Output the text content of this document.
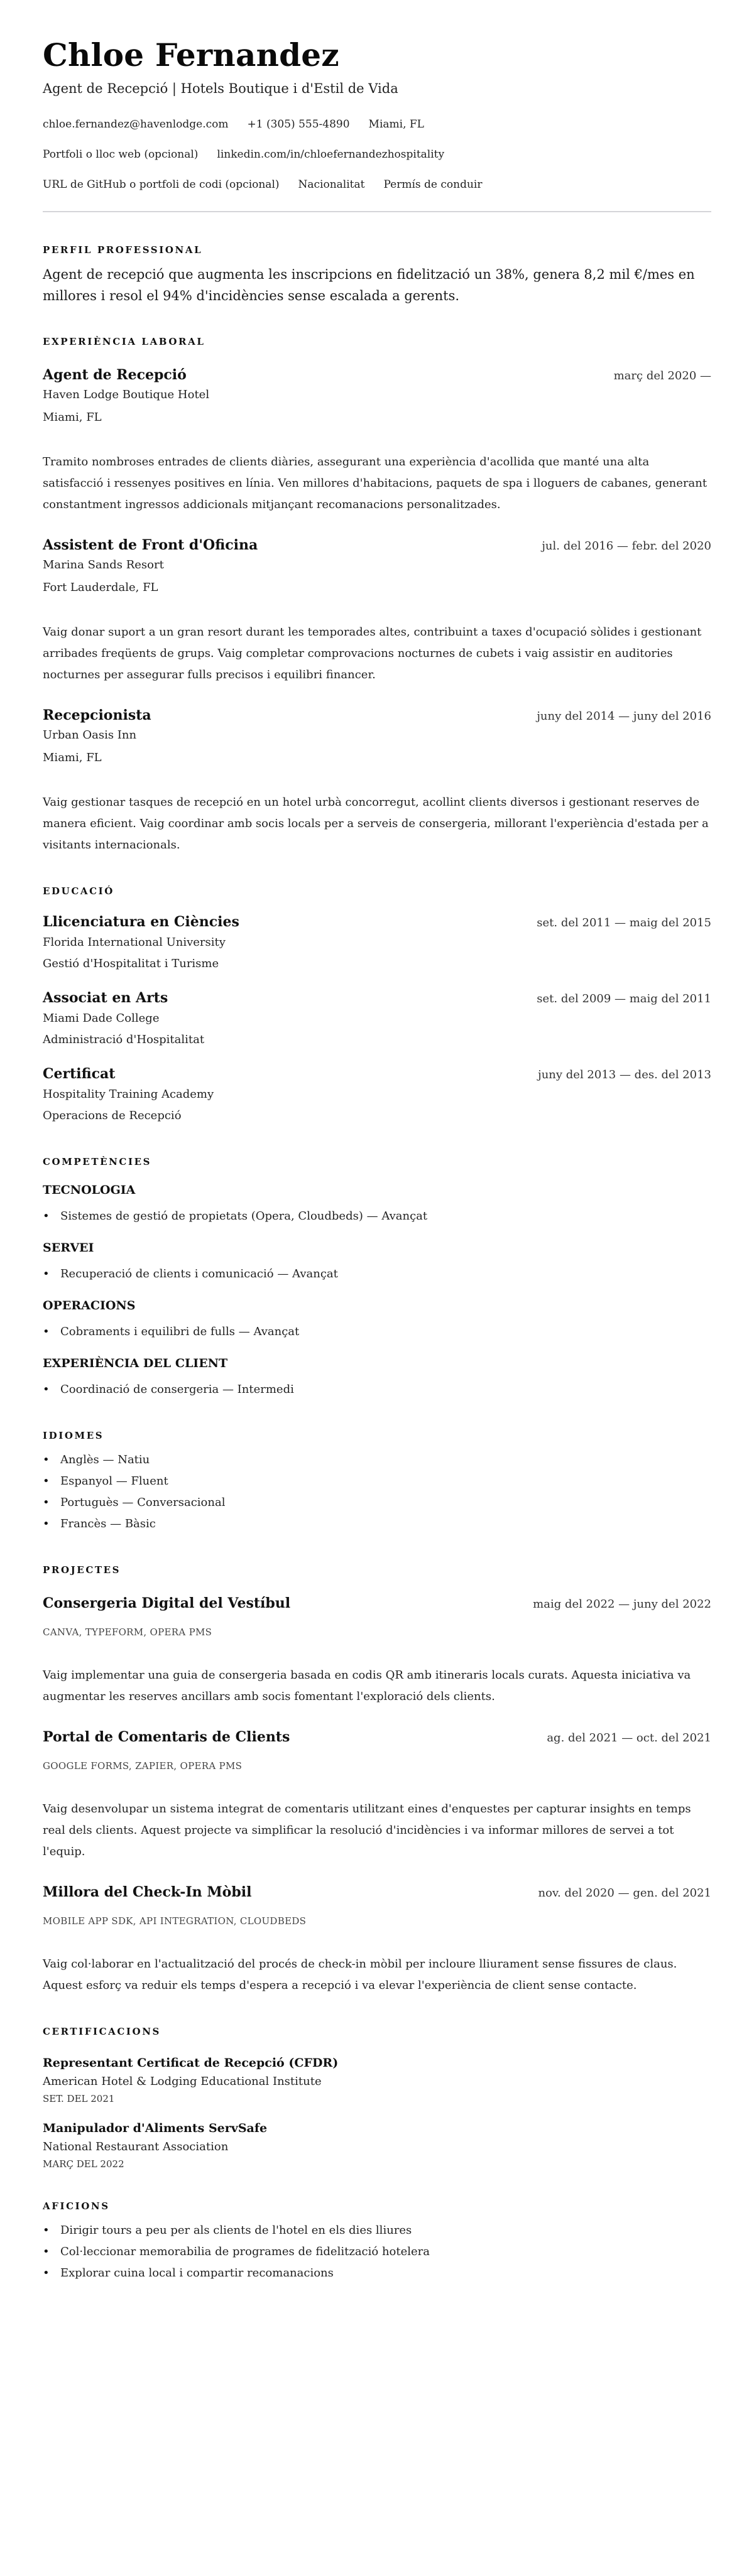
Chloe Fernandez
Agent de Recepció | Hotels Boutique i d'Estil de Vida
chloe.fernandez@havenlodge.com +1 (305) 555-4890 Miami, FL
Portfoli o lloc web (opcional) linkedin.com/in/chloefernandezhospitality
URL de GitHub o portfoli de codi (opcional) Nacionalitat Permís de conduir
PERFIL PROFESSIONAL

Agent de recepció que augmenta les inscripcions en fidelització un 38%, genera 8,2 mil €/mes en millores i resol el 94% d'incidències sense escalada a gerents.

EXPERIÈNCIA LABORAL
Agent de Recepció	març del 2020 —
Haven Lodge Boutique Hotel
Miami, FL

Tramito nombroses entrades de clients diàries, assegurant una experiència d'acollida que manté una alta satisfacció i ressenyes positives en línia. Ven millores d'habitacions, paquets de spa i lloguers de cabanes, generant constantment ingressos addicionals mitjançant recomanacions personalitzades.

Assistent de Front d'Oficina	jul. del 2016 — febr. del 2020
Marina Sands Resort
Fort Lauderdale, FL

Vaig donar suport a un gran resort durant les temporades altes, contribuint a taxes d'ocupació sòlides i gestionant arribades freqüents de grups. Vaig completar comprovacions nocturnes de cubets i vaig assistir en auditories nocturnes per assegurar fulls precisos i equilibri financer.

Recepcionista	juny del 2014 — juny del 2016
Urban Oasis Inn
Miami, FL

Vaig gestionar tasques de recepció en un hotel urbà concorregut, acollint clients diversos i gestionant reserves de manera eficient. Vaig coordinar amb socis locals per a serveis de consergeria, millorant l'experiència d'estada per a visitants internacionals.

EDUCACIÓ
Llicenciatura en Ciències	set. del 2011 — maig del 2015
Florida International University
Gestió d'Hospitalitat i Turisme
Associat en Arts	set. del 2009 — maig del 2011
Miami Dade College
Administració d'Hospitalitat
Certificat	juny del 2013 — des. del 2013
Hospitality Training Academy
Operacions de Recepció
COMPETÈNCIES
TECNOLOGIA
• Sistemes de gestió de propietats (Opera, Cloudbeds) — Avançat
SERVEI
• Recuperació de clients i comunicació — Avançat
OPERACIONS
• Cobraments i equilibri de fulls — Avançat
EXPERIÈNCIA DEL CLIENT
• Coordinació de consergeria — Intermedi
IDIOMES
• Anglès — Natiu
• Espanyol — Fluent
• Portuguès — Conversacional
• Francès — Bàsic
PROJECTES
Consergeria Digital del Vestíbul	maig del 2022 — juny del 2022
CANVA, TYPEFORM, OPERA PMS

Vaig implementar una guia de consergeria basada en codis QR amb itineraris locals curats. Aquesta iniciativa va augmentar les reserves ancillars amb socis fomentant l'exploració dels clients.

Portal de Comentaris de Clients	ag. del 2021 — oct. del 2021
GOOGLE FORMS, ZAPIER, OPERA PMS

Vaig desenvolupar un sistema integrat de comentaris utilitzant eines d'enquestes per capturar insights en temps real dels clients. Aquest projecte va simplificar la resolució d'incidències i va informar millores de servei a tot l'equip.

Millora del Check-In Mòbil	nov. del 2020 — gen. del 2021
MOBILE APP SDK, API INTEGRATION, CLOUDBEDS

Vaig col·laborar en l'actualització del procés de check-in mòbil per incloure lliurament sense fissures de claus. Aquest esforç va reduir els temps d'espera a recepció i va elevar l'experiència de client sense contacte.

CERTIFICACIONS
Representant Certificat de Recepció (CFDR)
American Hotel & Lodging Educational Institute
SET. DEL 2021
Manipulador d'Aliments ServSafe
National Restaurant Association
MARÇ DEL 2022
AFICIONS
• Dirigir tours a peu per als clients de l'hotel en els dies lliures
• Col·leccionar memorabilia de programes de fidelització hotelera
• Explorar cuina local i compartir recomanacions
